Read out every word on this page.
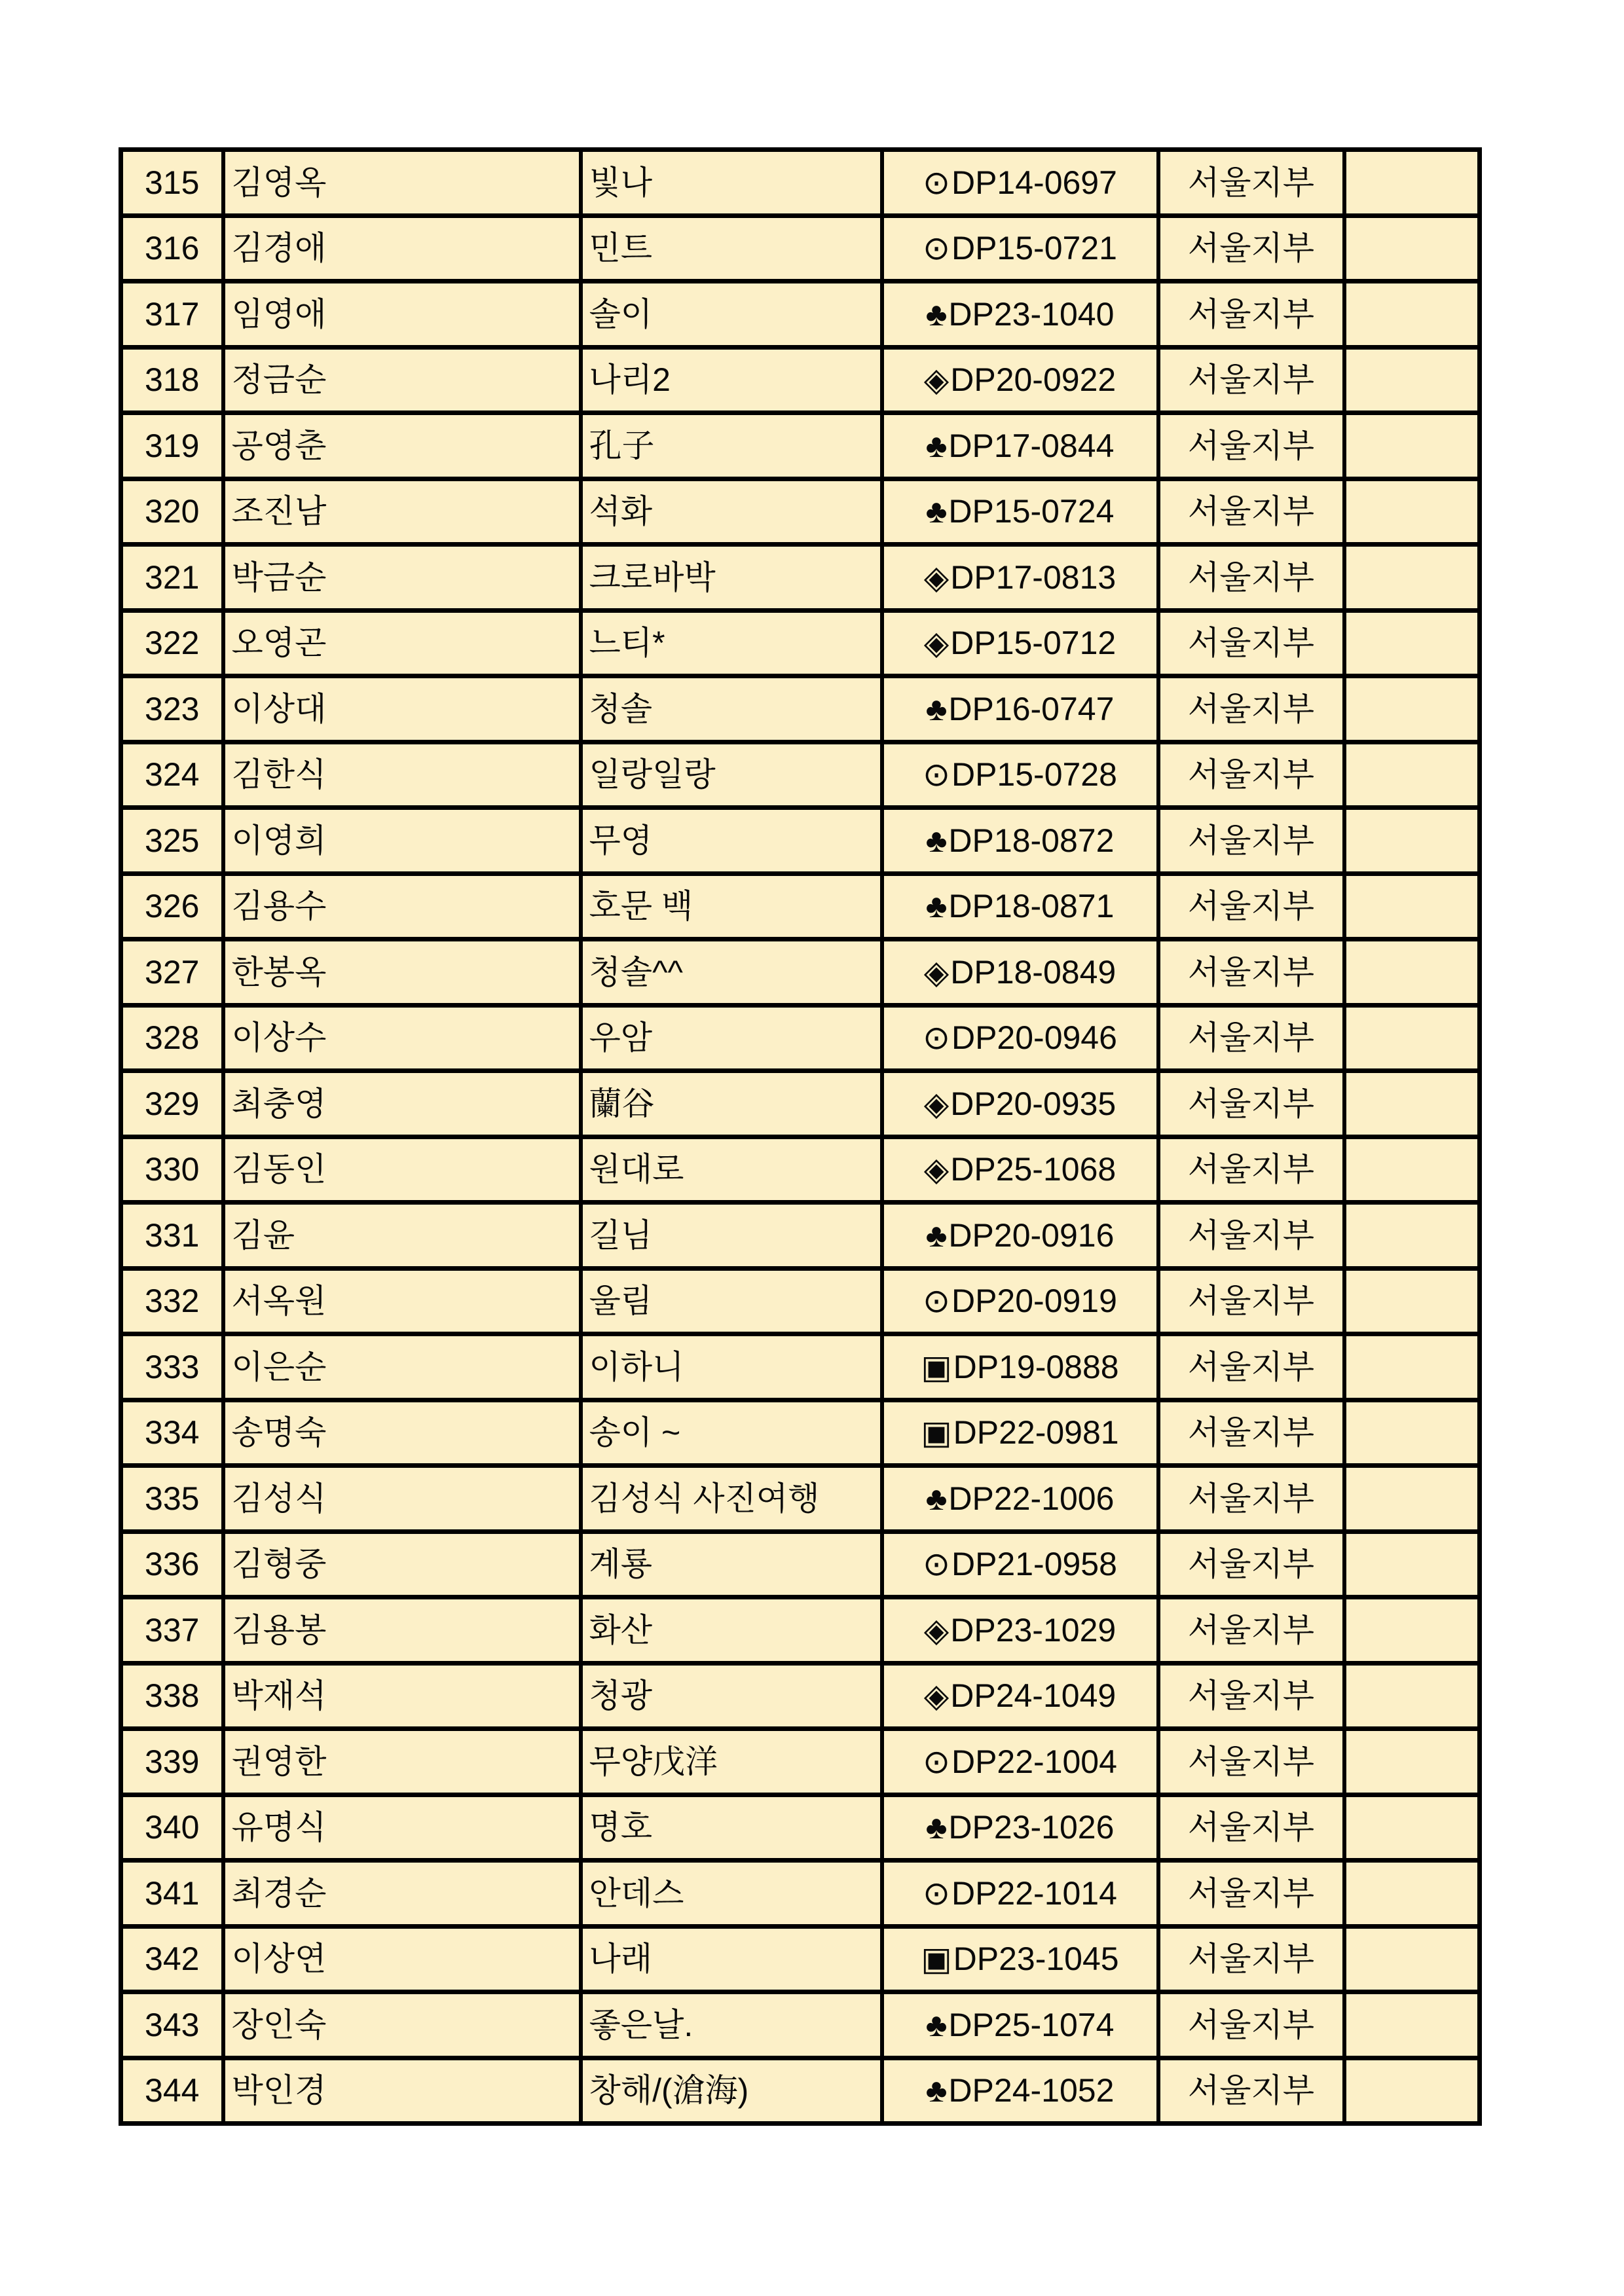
315	김영옥	빛나	⊙DP14-0697	서울지부	
316	김경애	민트	⊙DP15-0721	서울지부	
317	임영애	솔이	♣DP23-1040	서울지부	
318	정금순	나리2	◈DP20-0922	서울지부	
319	공영춘	孔子	♣DP17-0844	서울지부	
320	조진남	석화	♣DP15-0724	서울지부	
321	박금순	크로바박	◈DP17-0813	서울지부	
322	오영곤	느티*	◈DP15-0712	서울지부	
323	이상대	청솔	♣DP16-0747	서울지부	
324	김한식	일랑일랑	⊙DP15-0728	서울지부	
325	이영희	무영	♣DP18-0872	서울지부	
326	김용수	호문 백	♣DP18-0871	서울지부	
327	한봉옥	청솔^^	◈DP18-0849	서울지부	
328	이상수	우암	⊙DP20-0946	서울지부	
329	최충영	蘭谷	◈DP20-0935	서울지부	
330	김동인	원대로	◈DP25-1068	서울지부	
331	김윤	길님	♣DP20-0916	서울지부	
332	서옥원	울림	⊙DP20-0919	서울지부	
333	이은순	이하니	▣DP19-0888	서울지부	
334	송명숙	송이 ~	▣DP22-0981	서울지부	
335	김성식	김성식 사진여행	♣DP22-1006	서울지부	
336	김형중	계룡	⊙DP21-0958	서울지부	
337	김용봉	화산	◈DP23-1029	서울지부	
338	박재석	청광	◈DP24-1049	서울지부	
339	권영한	무양戊洋	⊙DP22-1004	서울지부	
340	유명식	명호	♣DP23-1026	서울지부	
341	최경순	안데스	⊙DP22-1014	서울지부	
342	이상연	나래	▣DP23-1045	서울지부	
343	장인숙	좋은날.	♣DP25-1074	서울지부	
344	박인경	창해/(滄海)	♣DP24-1052	서울지부	
